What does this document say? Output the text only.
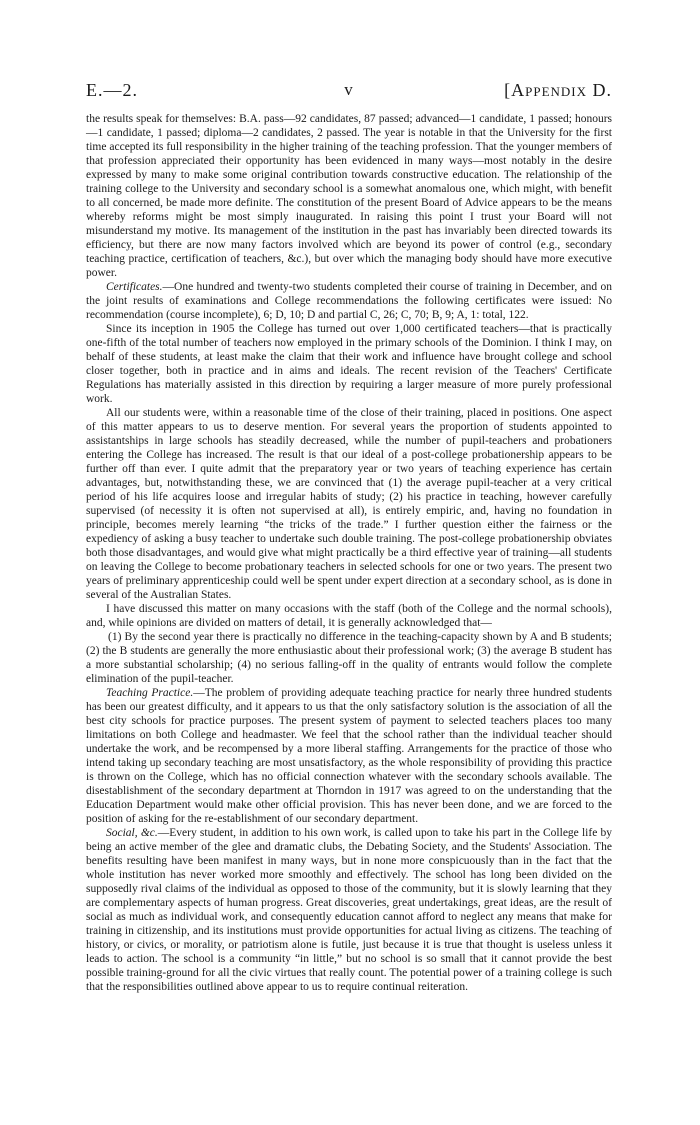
E.—2.	v	[Appendix D.

the results speak for themselves: B.A. pass—92 candidates, 87 passed; advanced—1 candidate, 1 passed; honours—1 candidate, 1 passed; diploma—2 candidates, 2 passed. The year is notable in that the University for the first time accepted its full responsibility in the higher training of the teaching profession. That the younger members of that profession appreciated their opportunity has been evidenced in many ways—most notably in the desire expressed by many to make some original contribution towards constructive education. The relationship of the training college to the University and secondary school is a somewhat anomalous one, which might, with benefit to all concerned, be made more definite. The constitution of the present Board of Advice appears to be the means whereby reforms might be most simply inaugurated. In raising this point I trust your Board will not misunderstand my motive. Its management of the institution in the past has invariably been directed towards its efficiency, but there are now many factors involved which are beyond its power of control (e.g., secondary teaching practice, certification of teachers, &c.), but over which the managing body should have more executive power.

Certificates.—One hundred and twenty-two students completed their course of training in December, and on the joint results of examinations and College recommendations the following certificates were issued: No recommendation (course incomplete), 6; D, 10; D and partial C, 26; C, 70; B, 9; A, 1: total, 122.

Since its inception in 1905 the College has turned out over 1,000 certificated teachers—that is practically one-fifth of the total number of teachers now employed in the primary schools of the Dominion. I think I may, on behalf of these students, at least make the claim that their work and influence have brought college and school closer together, both in practice and in aims and ideals. The recent revision of the Teachers' Certificate Regulations has materially assisted in this direction by requiring a larger measure of more purely professional work.

All our students were, within a reasonable time of the close of their training, placed in positions. One aspect of this matter appears to us to deserve mention. For several years the proportion of students appointed to assistantships in large schools has steadily decreased, while the number of pupil-teachers and probationers entering the College has increased. The result is that our ideal of a post-college probationership appears to be further off than ever. I quite admit that the preparatory year or two years of teaching experience has certain advantages, but, notwithstanding these, we are convinced that (1) the average pupil-teacher at a very critical period of his life acquires loose and irregular habits of study; (2) his practice in teaching, however carefully supervised (of necessity it is often not supervised at all), is entirely empiric, and, having no foundation in principle, becomes merely learning “the tricks of the trade.” I further question either the fairness or the expediency of asking a busy teacher to undertake such double training. The post-college probationership obviates both those disadvantages, and would give what might practically be a third effective year of training—all students on leaving the College to become probationary teachers in selected schools for one or two years. The present two years of preliminary apprenticeship could well be spent under expert direction at a secondary school, as is done in several of the Australian States.

I have discussed this matter on many occasions with the staff (both of the College and the normal schools), and, while opinions are divided on matters of detail, it is generally acknowledged that—

(1) By the second year there is practically no difference in the teaching-capacity shown by A and B students; (2) the B students are generally the more enthusiastic about their professional work; (3) the average B student has a more substantial scholarship; (4) no serious falling-off in the quality of entrants would follow the complete elimination of the pupil-teacher.

Teaching Practice.—The problem of providing adequate teaching practice for nearly three hundred students has been our greatest difficulty, and it appears to us that the only satisfactory solution is the association of all the best city schools for practice purposes. The present system of payment to selected teachers places too many limitations on both College and headmaster. We feel that the school rather than the individual teacher should undertake the work, and be recompensed by a more liberal staffing. Arrangements for the practice of those who intend taking up secondary teaching are most unsatisfactory, as the whole responsibility of providing this practice is thrown on the College, which has no official connection whatever with the secondary schools available. The disestablishment of the secondary department at Thorndon in 1917 was agreed to on the understanding that the Education Department would make other official provision. This has never been done, and we are forced to the position of asking for the re-establishment of our secondary department.

Social, &c.—Every student, in addition to his own work, is called upon to take his part in the College life by being an active member of the glee and dramatic clubs, the Debating Society, and the Students' Association. The benefits resulting have been manifest in many ways, but in none more conspicuously than in the fact that the whole institution has never worked more smoothly and effectively. The school has long been divided on the supposedly rival claims of the individual as opposed to those of the community, but it is slowly learning that they are complementary aspects of human progress. Great discoveries, great undertakings, great ideas, are the result of social as much as individual work, and consequently education cannot afford to neglect any means that make for training in citizenship, and its institutions must provide opportunities for actual living as citizens. The teaching of history, or civics, or morality, or patriotism alone is futile, just because it is true that thought is useless unless it leads to action. The school is a community “in little,” but no school is so small that it cannot provide the best possible training-ground for all the civic virtues that really count. The potential power of a training college is such that the responsibilities outlined above appear to us to require continual reiteration.
